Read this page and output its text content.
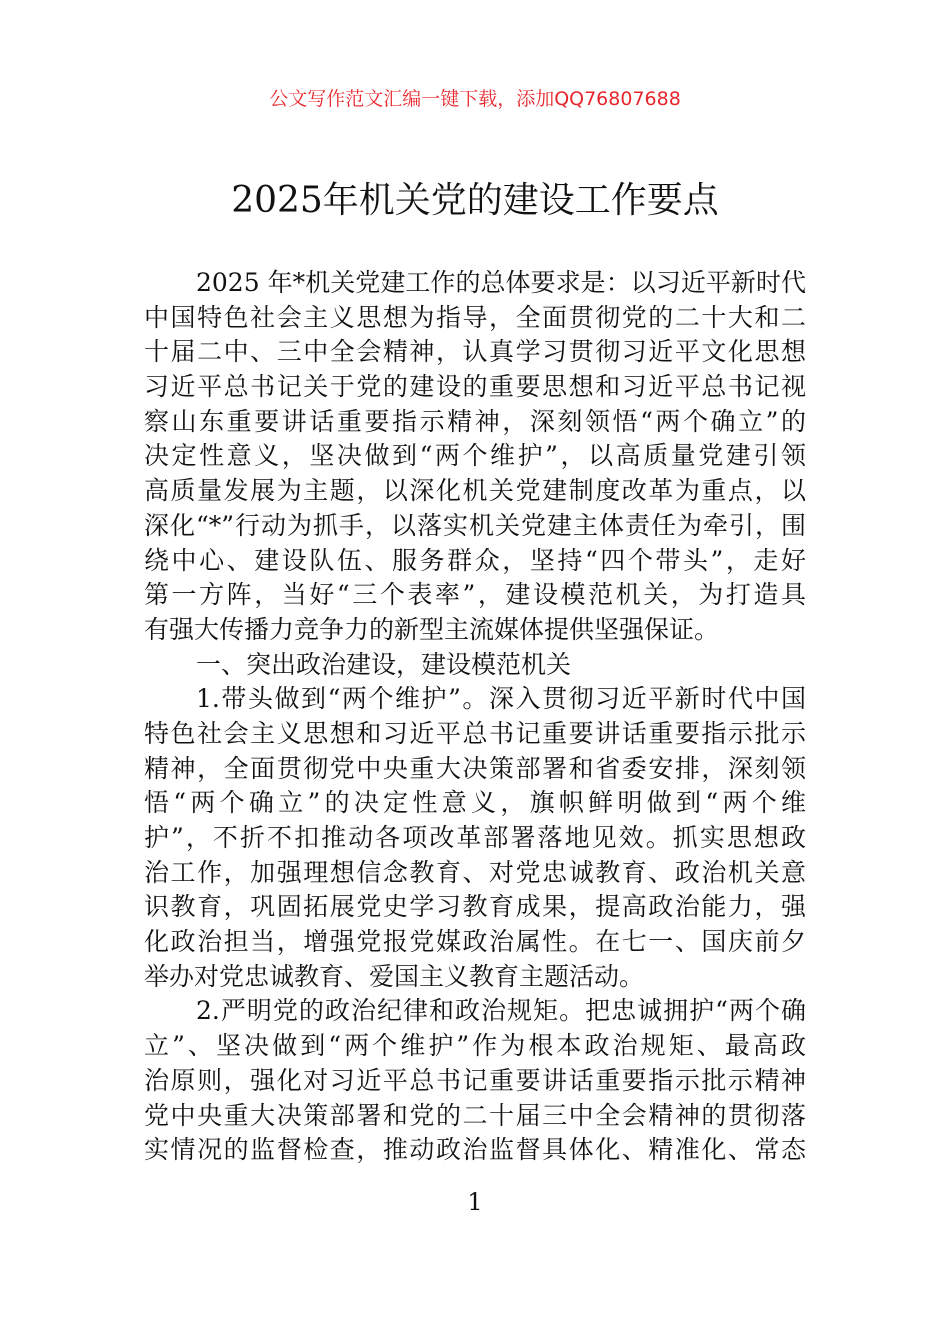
公文写作范文汇编一键下载，添加QQ76807688
2025年机关党的建设工作要点
2025 年*机关党建工作的总体要求是：以习近平新时代
中国特色社会主义思想为指导，全面贯彻党的二十大和二
十届二中、三中全会精神，认真学习贯彻习近平文化思想
习近平总书记关于党的建设的重要思想和习近平总书记视
察山东重要讲话重要指示精神，深刻领悟“两个确立”的
决定性意义，坚决做到“两个维护”，以高质量党建引领
高质量发展为主题，以深化机关党建制度改革为重点，以
深化“*”行动为抓手，以落实机关党建主体责任为牵引，围
绕中心、建设队伍、服务群众，坚持“四个带头”，走好
第一方阵，当好“三个表率”，建设模范机关，为打造具
有强大传播力竞争力的新型主流媒体提供坚强保证。
一、突出政治建设，建设模范机关
1.带头做到“两个维护”。深入贯彻习近平新时代中国
特色社会主义思想和习近平总书记重要讲话重要指示批示
精神，全面贯彻党中央重大决策部署和省委安排，深刻领
悟“两个确立”的决定性意义，旗帜鲜明做到“两个维
护”，不折不扣推动各项改革部署落地见效。抓实思想政
治工作，加强理想信念教育、对党忠诚教育、政治机关意
识教育，巩固拓展党史学习教育成果，提高政治能力，强
化政治担当，增强党报党媒政治属性。在七一、国庆前夕
举办对党忠诚教育、爱国主义教育主题活动。
2.严明党的政治纪律和政治规矩。把忠诚拥护“两个确
立”、坚决做到“两个维护”作为根本政治规矩、最高政
治原则，强化对习近平总书记重要讲话重要指示批示精神
党中央重大决策部署和党的二十届三中全会精神的贯彻落
实情况的监督检查，推动政治监督具体化、精准化、常态
1
